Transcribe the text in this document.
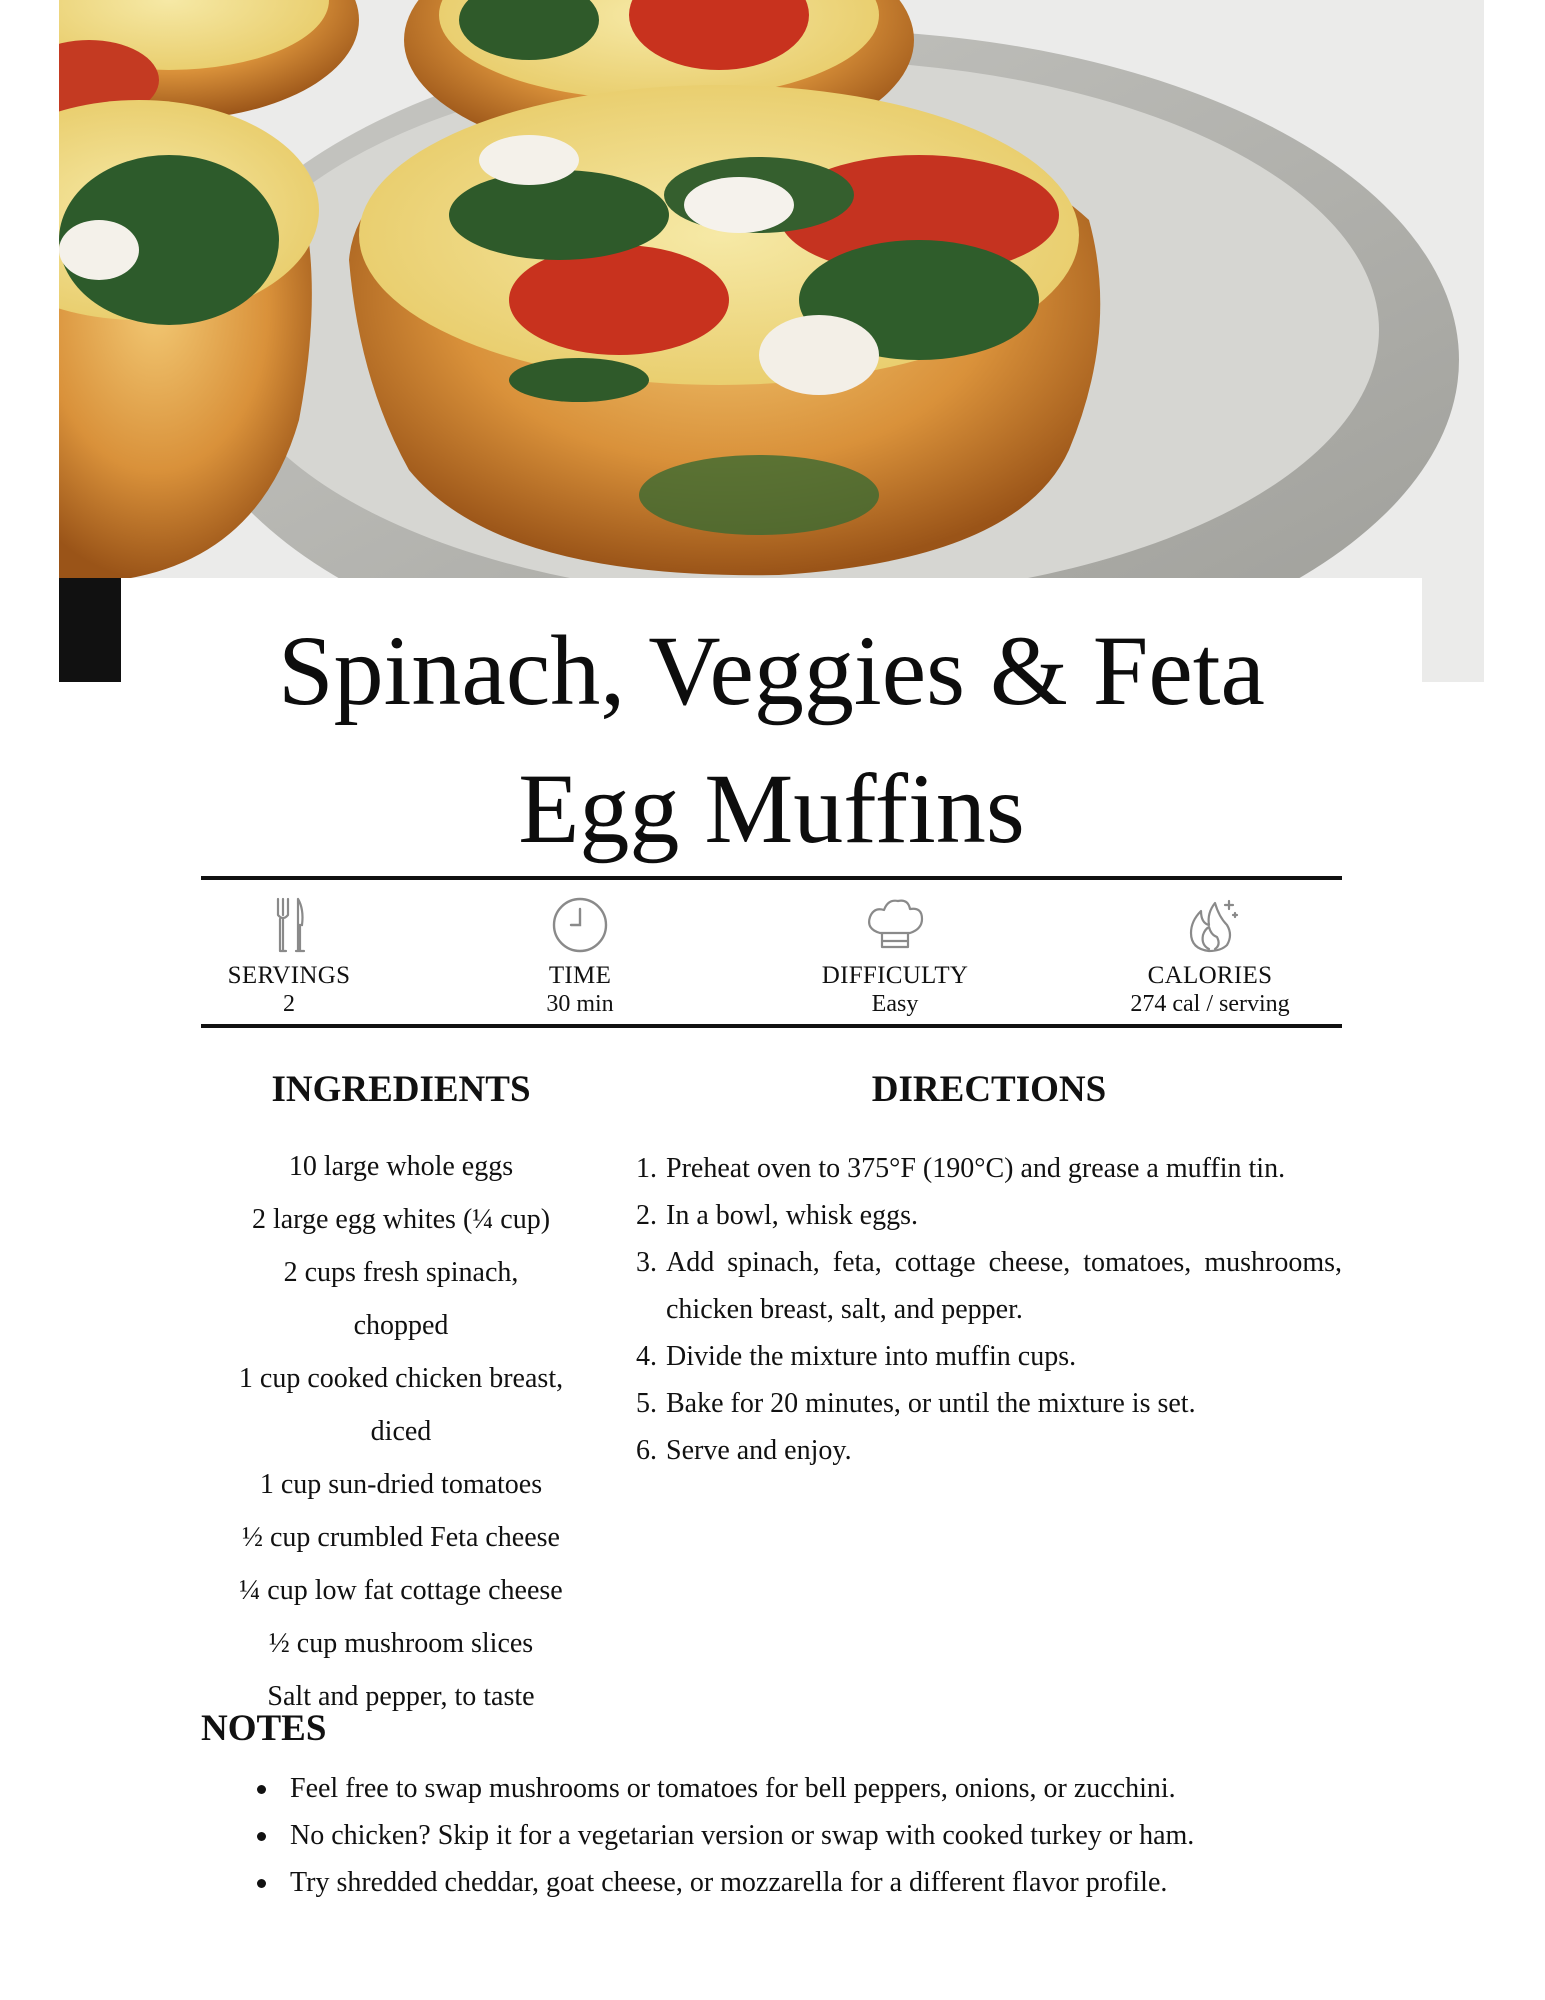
Spinach, Veggies & Feta
Egg Muffins
SERVINGS
2
TIME
30 min
DIFFICULTY
Easy
CALORIES
274 cal / serving
INGREDIENTS
10 large whole eggs
2 large egg whites (¼ cup)
2 cups fresh spinach,
chopped
1 cup cooked chicken breast,
diced
1 cup sun-dried tomatoes
½ cup crumbled Feta cheese
¼ cup low fat cottage cheese
½ cup mushroom slices
Salt and pepper, to taste
DIRECTIONS
1. Preheat oven to 375°F (190°C) and grease a muffin tin.
2. In a bowl, whisk eggs.
3. Add spinach, feta, cottage cheese, tomatoes, mushrooms, chicken breast, salt, and pepper.
4. Divide the mixture into muffin cups.
5. Bake for 20 minutes, or until the mixture is set.
6. Serve and enjoy.
NOTES
Feel free to swap mushrooms or tomatoes for bell peppers, onions, or zucchini.
No chicken? Skip it for a vegetarian version or swap with cooked turkey or ham.
Try shredded cheddar, goat cheese, or mozzarella for a different flavor profile.
